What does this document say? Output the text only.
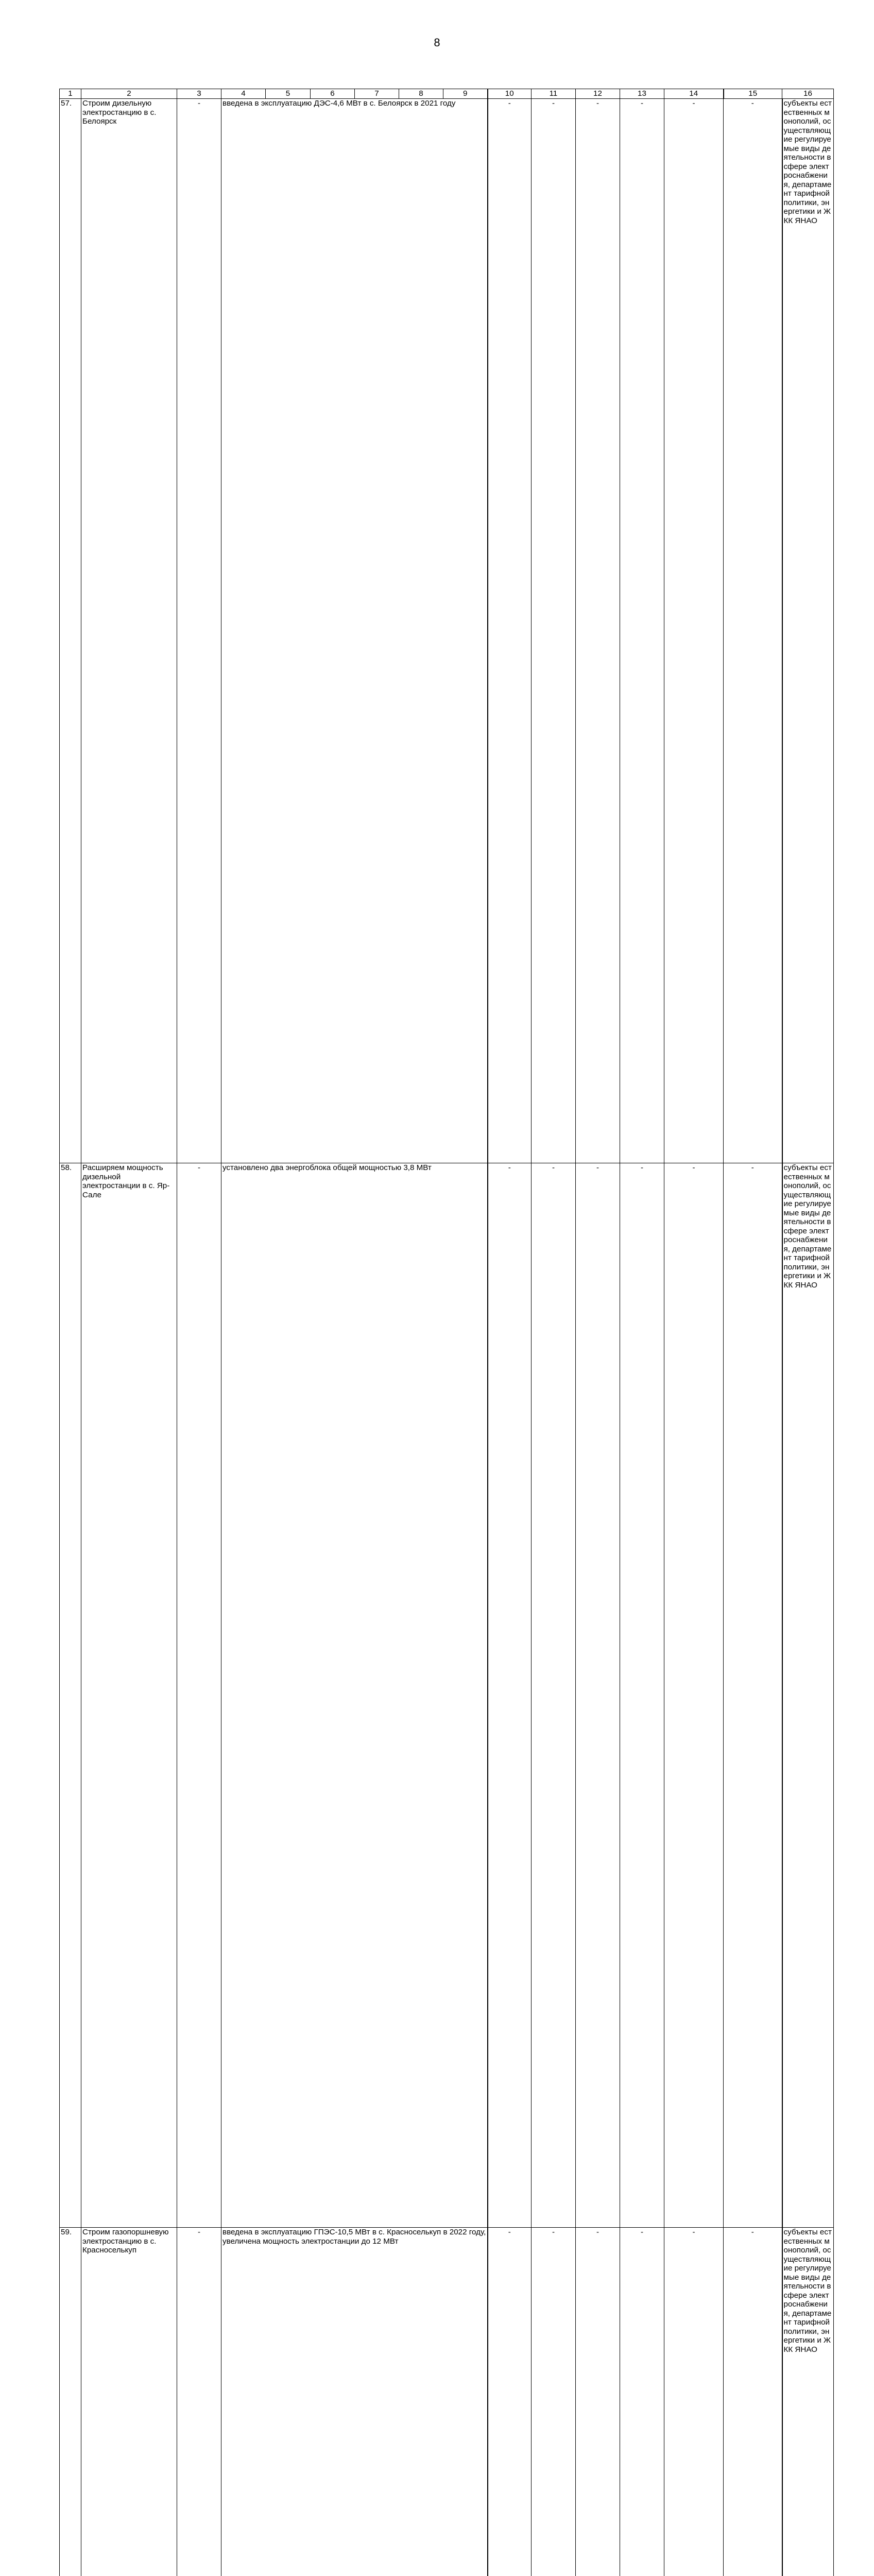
8
1	2	3	4	5	6	7	8	9	10	11	12	13	14	15	16	
57.	Строим дизельную электростанцию в с. Белоярск	-	введена в эксплуатацию ДЭС-4,6 МВт в с. Белоярск в 2021 году						-	-	-	-	-	-	субъекты естественных монополий, осуществляющие регулируемые виды деятельности в сфере электроснабжения, департамент тарифной политики, энергетики и ЖКК ЯНАО	
58.	Расширяем мощность дизельной электростанции в с. Яр-Сале	-	установлено два энергоблока общей мощностью 3,8 МВт						-	-	-	-	-	-	субъекты естественных монополий, осуществляющие регулируемые виды деятельности в сфере электроснабжения, департамент тарифной политики, энергетики и ЖКК ЯНАО	
59.	Строим газопоршневую электростанцию в с. Красноселькуп	-	введена в эксплуатацию ГПЭС-10,5 МВт в с. Красноселькуп в 2022 году, увеличена мощность электростанции до 12 МВт						-	-	-	-	-	-	субъекты естественных монополий, осуществляющие регулируемые виды деятельности в сфере электроснабжения, департамент тарифной политики, энергетики и ЖКК ЯНАО	
